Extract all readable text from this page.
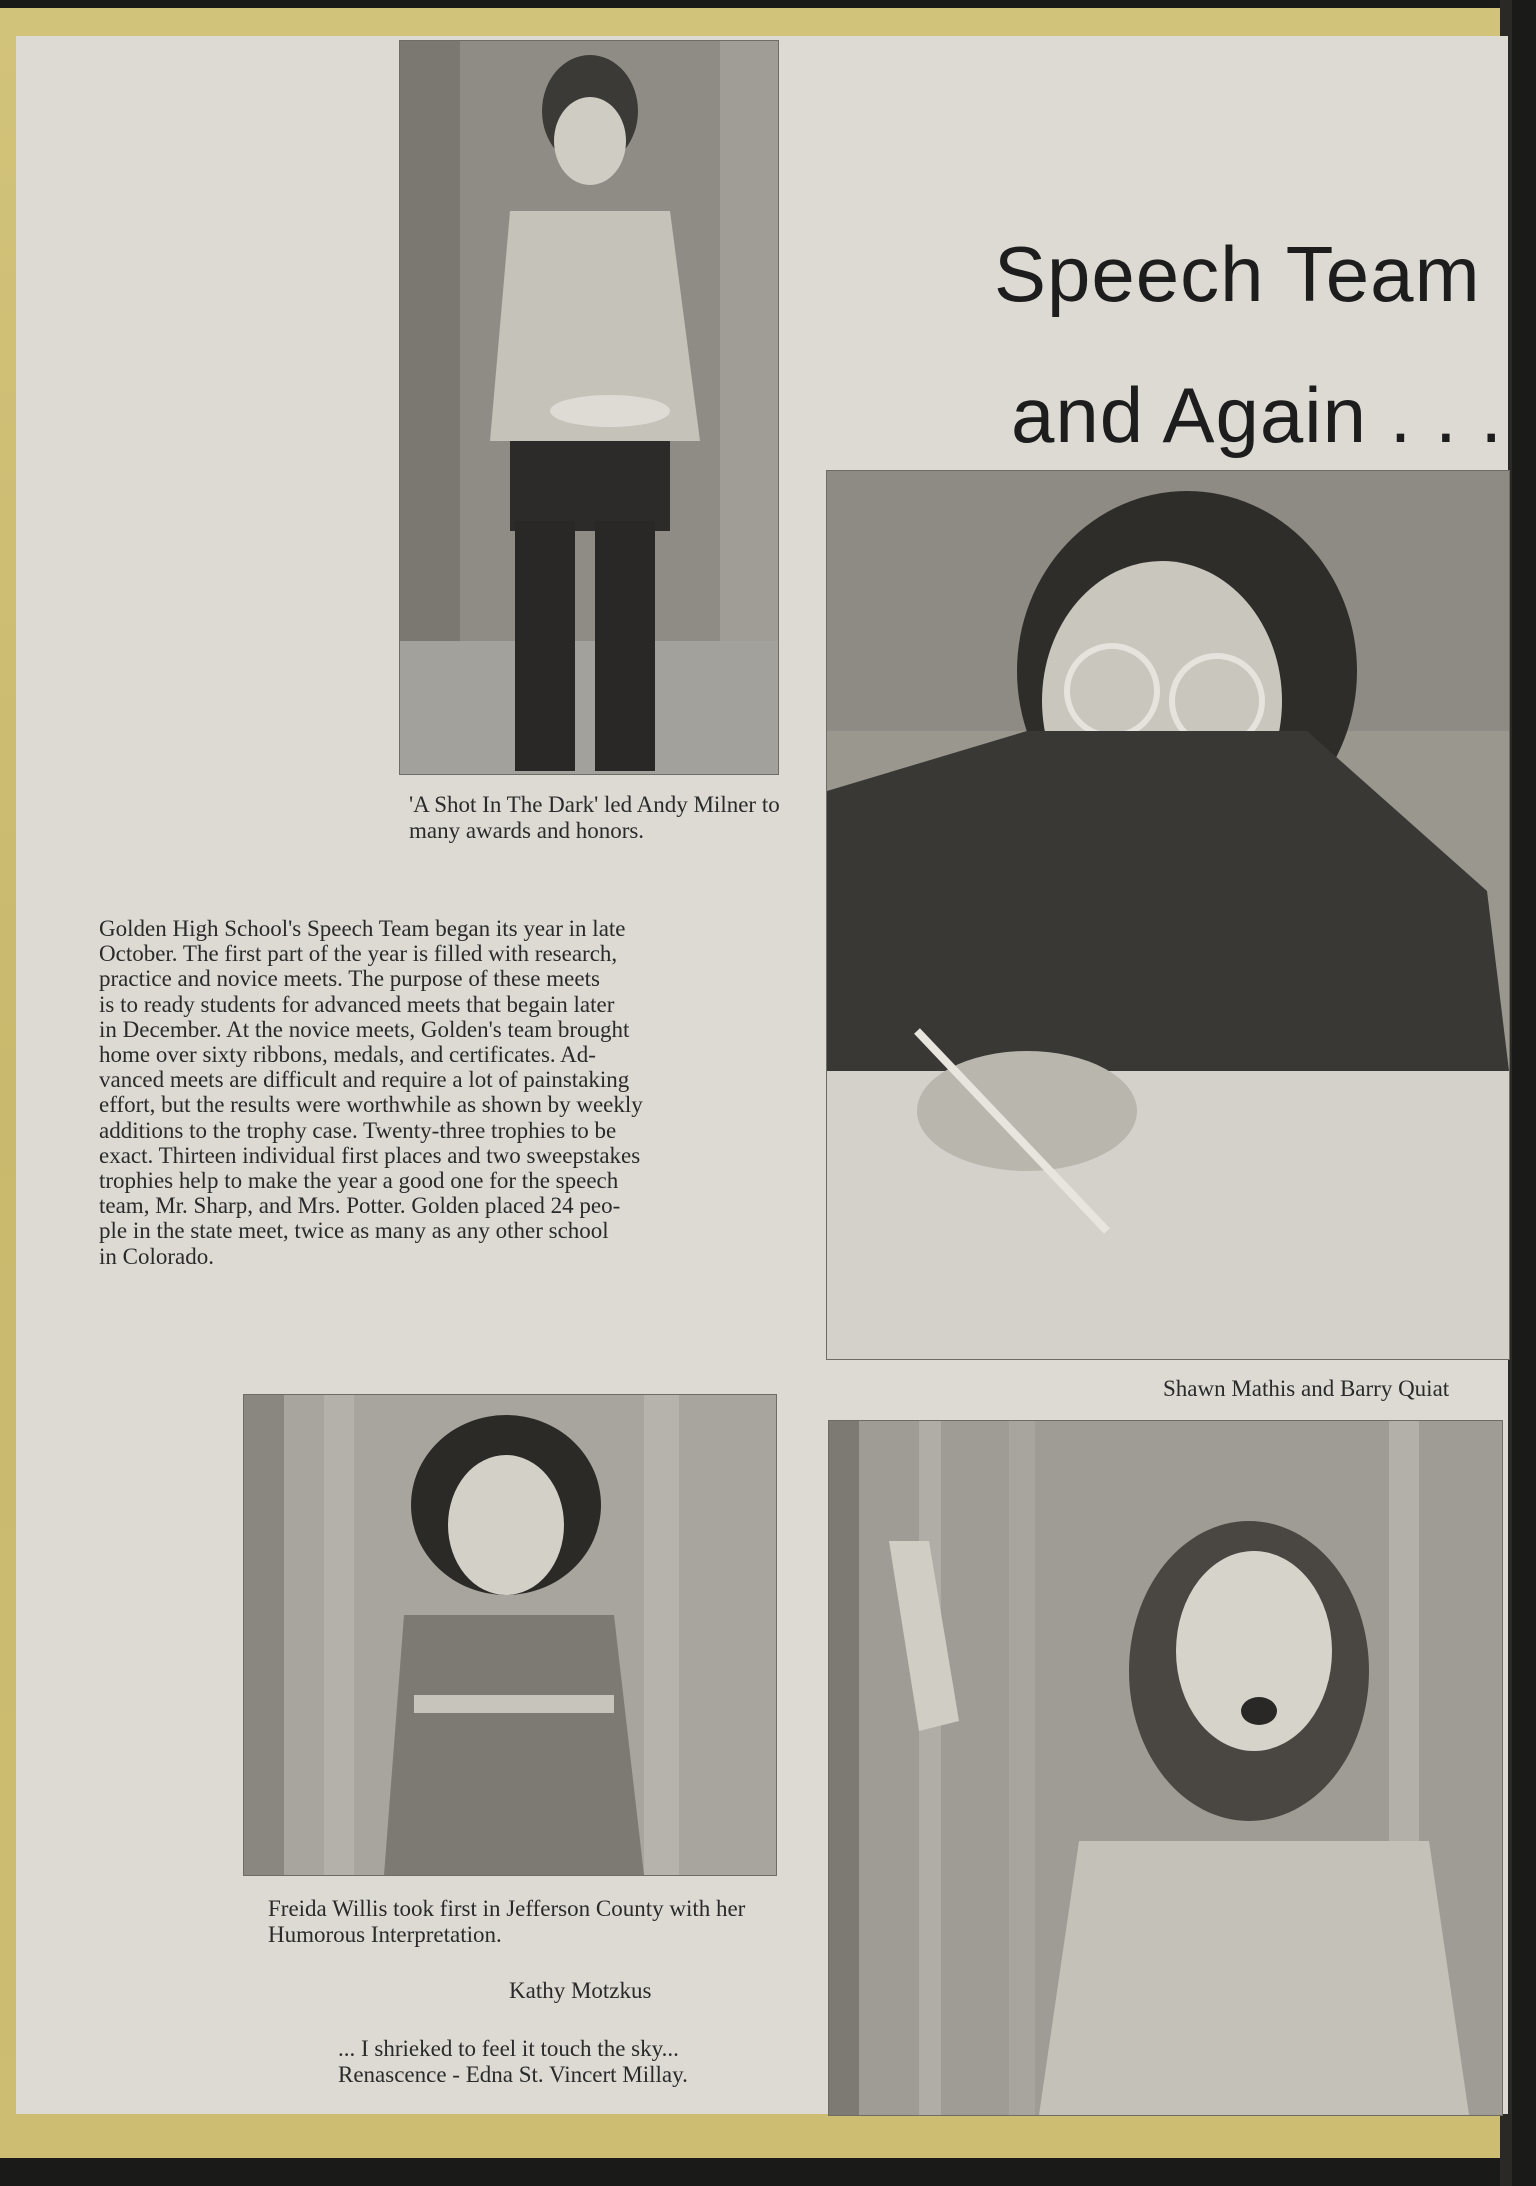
'A Shot In The Dark' led Andy Milner to many awards and honors.

Speech Team
and Again . . .

Golden High School's Speech Team began its year in late
October. The first part of the year is filled with research,
practice and novice meets. The purpose of these meets
is to ready students for advanced meets that begain later
in December. At the novice meets, Golden's team brought
home over sixty ribbons, medals, and certificates. Ad-
vanced meets are difficult and require a lot of painstaking
effort, but the results were worthwhile as shown by weekly
additions to the trophy case. Twenty-three trophies to be
exact. Thirteen individual first places and two sweepstakes
trophies help to make the year a good one for the speech
team, Mr. Sharp, and Mrs. Potter. Golden placed 24 peo-
ple in the state meet, twice as many as any other school
in Colorado.

Shawn Mathis and Barry Quiat

Freida Willis took first in Jefferson County with her Humorous Interpretation.

Kathy Motzkus

... I shrieked to feel it touch the sky...
Renascence - Edna St. Vincert Millay.
